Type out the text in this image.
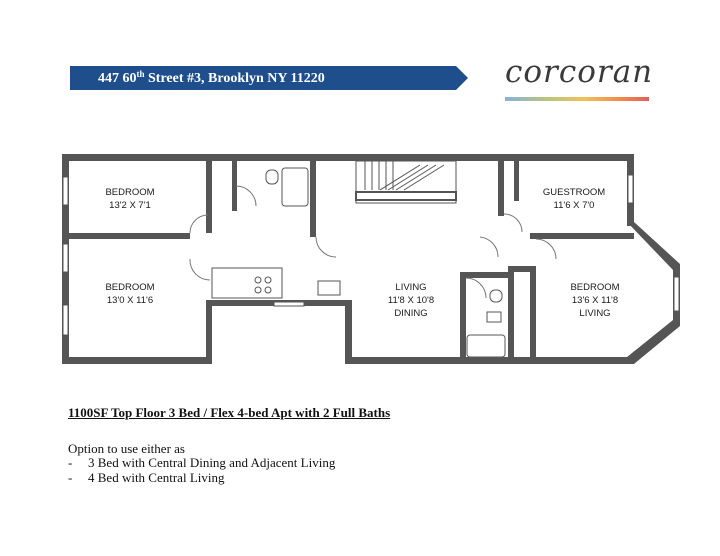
447 60th Street #3, Brooklyn NY 11220	corcoran
BEDROOM
13'2 X 7'1
BEDROOM
13'0 X 11'6
LIVING
11'8 X 10'8
DINING
GUESTROOM
11'6 X 7'0
BEDROOM
13'6 X 11'8
LIVING
1100SF Top Floor 3 Bed / Flex 4-bed Apt with 2 Full Baths
Option to use either as
- 3 Bed with Central Dining and Adjacent Living
- 4 Bed with Central Living
